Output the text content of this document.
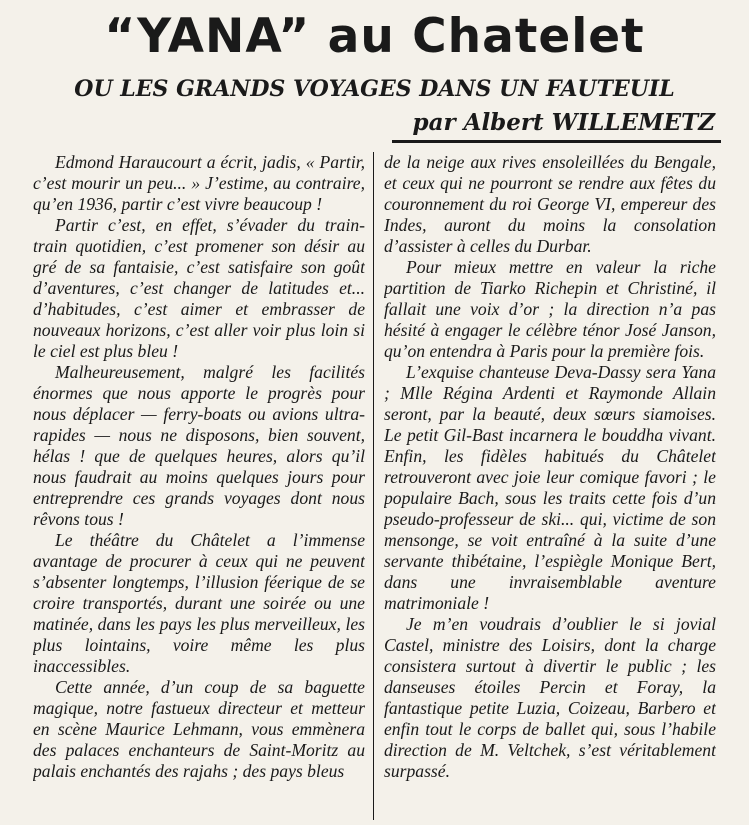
“YANA” au Chatelet
OU LES GRANDS VOYAGES DANS UN FAUTEUIL
par Albert WILLEMETZ

Edmond Haraucourt a écrit, jadis, « Partir, c’est mourir un peu... » J’estime, au contraire, qu’en 1936, partir c’est vivre beaucoup !

Partir c’est, en effet, s’évader du train-train quotidien, c’est promener son désir au gré de sa fantaisie, c’est satisfaire son goût d’aventures, c’est changer de latitudes et... d’habitudes, c’est aimer et embrasser de nouveaux horizons, c’est aller voir plus loin si le ciel est plus bleu !

Malheureusement, malgré les facilités énormes que nous apporte le progrès pour nous déplacer — ferry-boats ou avions ultra-rapides — nous ne disposons, bien souvent, hélas ! que de quelques heures, alors qu’il nous faudrait au moins quelques jours pour entreprendre ces grands voyages dont nous rêvons tous !

Le théâtre du Châtelet a l’immense avantage de procurer à ceux qui ne peuvent s’absenter longtemps, l’illusion féerique de se croire transportés, durant une soirée ou une matinée, dans les pays les plus merveilleux, les plus lointains, voire même les plus inaccessibles.

Cette année, d’un coup de sa baguette magique, notre fastueux directeur et metteur en scène Maurice Lehmann, vous emmènera des palaces enchanteurs de Saint-Moritz au palais enchantés des rajahs ; des pays bleus

de la neige aux rives ensoleillées du Bengale, et ceux qui ne pourront se rendre aux fêtes du couronnement du roi George VI, empereur des Indes, auront du moins la consolation d’assister à celles du Durbar.

Pour mieux mettre en valeur la riche partition de Tiarko Richepin et Christiné, il fallait une voix d’or ; la direction n’a pas hésité à engager le célèbre ténor José Janson, qu’on entendra à Paris pour la première fois.

L’exquise chanteuse Deva-Dassy sera Yana ; Mlle Régina Ardenti et Raymonde Allain seront, par la beauté, deux sœurs siamoises. Le petit Gil-Bast incarnera le bouddha vivant. Enfin, les fidèles habitués du Châtelet retrouveront avec joie leur comique favori ; le populaire Bach, sous les traits cette fois d’un pseudo-professeur de ski... qui, victime de son mensonge, se voit entraîné à la suite d’une servante thibétaine, l’espiègle Monique Bert, dans une invraisemblable aventure matrimoniale !

Je m’en voudrais d’oublier le si jovial Castel, ministre des Loisirs, dont la charge consistera surtout à divertir le public ; les danseuses étoiles Percin et Foray, la fantastique petite Luzia, Coizeau, Barbero et enfin tout le corps de ballet qui, sous l’habile direction de M. Veltchek, s’est véritablement surpassé.
